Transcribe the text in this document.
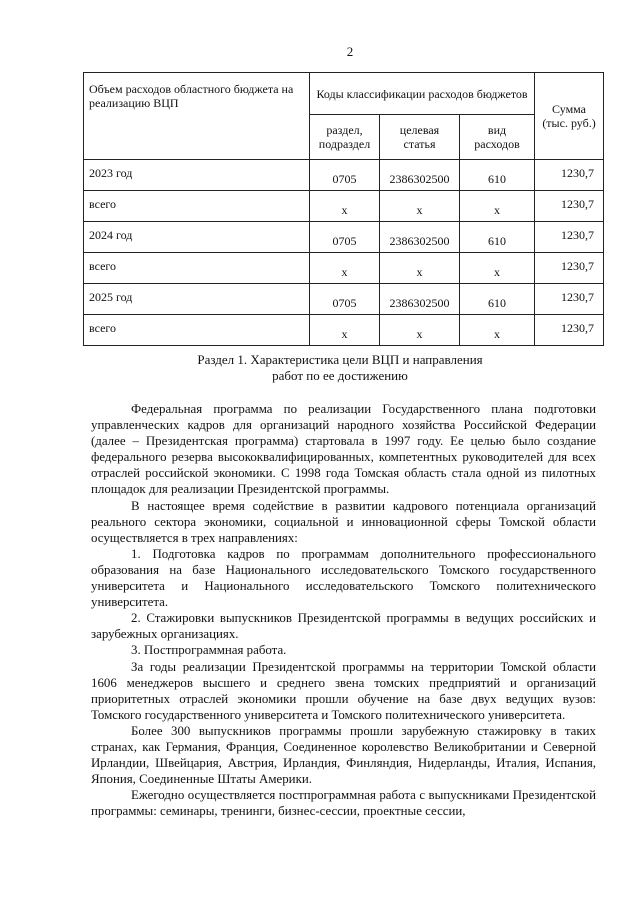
2
Объем расходов областного бюджета на реализацию ВЦП	Коды классификации расходов бюджетов			Сумма (тыс. руб.)
	раздел, подраздел	целевая статья	вид расходов	
2023 год	0705	2386302500	610	1230,7
всего	х	х	х	1230,7
2024 год	0705	2386302500	610	1230,7
всего	х	х	х	1230,7
2025 год	0705	2386302500	610	1230,7
всего	х	х	х	1230,7
Раздел 1. Характеристика цели ВЦП и направления
работ по ее достижению

Федеральная программа по реализации Государственного плана подготовки управленческих кадров для организаций народного хозяйства Российской Федерации (далее – Президентская программа) стартовала в 1997 году. Ее целью было создание федерального резерва высококвалифицированных, компетентных руководителей для всех отраслей российской экономики. С 1998 года Томская область стала одной из пилотных площадок для реализации Президентской программы.

В настоящее время содействие в развитии кадрового потенциала организаций реального сектора экономики, социальной и инновационной сферы Томской области осуществляется в трех направлениях:

1. Подготовка кадров по программам дополнительного профессионального образования на базе Национального исследовательского Томского государственного университета и Национального исследовательского Томского политехнического университета.

2. Стажировки выпускников Президентской программы в ведущих российских и зарубежных организациях.

3. Постпрограммная работа.

За годы реализации Президентской программы на территории Томской области 1606 менеджеров высшего и среднего звена томских предприятий и организаций приоритетных отраслей экономики прошли обучение на базе двух ведущих вузов: Томского государственного университета и Томского политехнического университета.

Более 300 выпускников программы прошли зарубежную стажировку в таких странах, как Германия, Франция, Соединенное королевство Великобритании и Северной Ирландии, Швейцария, Австрия, Ирландия, Финляндия, Нидерланды, Италия, Испания, Япония, Соединенные Штаты Америки.

Ежегодно осуществляется постпрограммная работа с выпускниками Президентской программы: семинары, тренинги, бизнес-сессии, проектные сессии,
